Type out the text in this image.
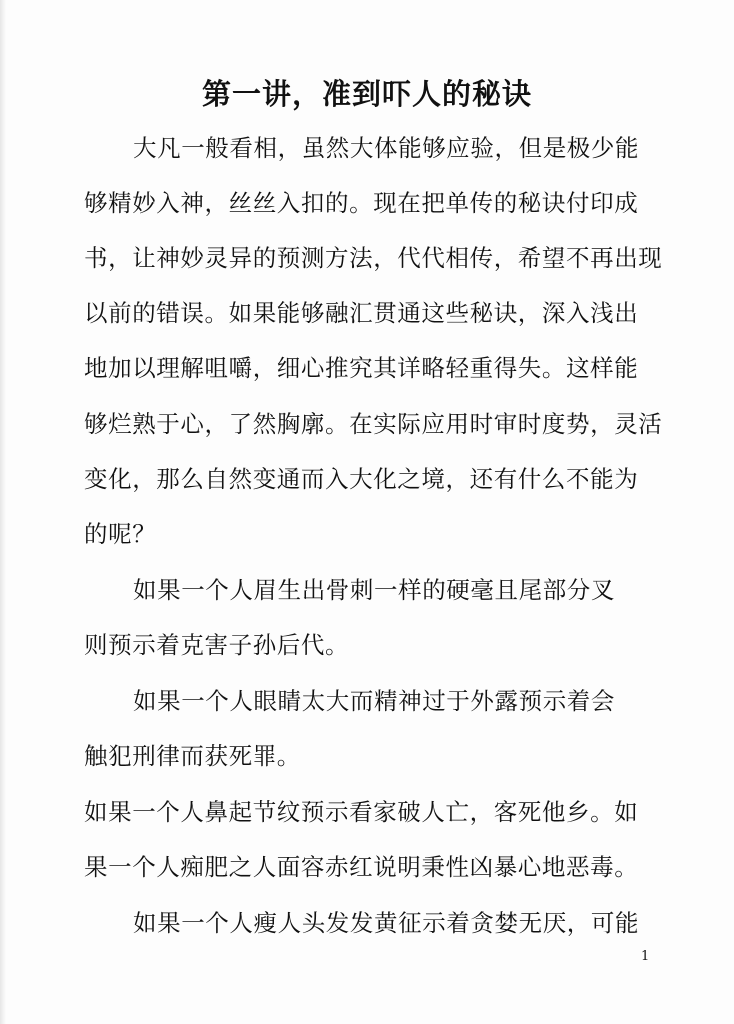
第一讲，准到吓人的秘诀
大凡一般看相，虽然大体能够应验，但是极少能
够精妙入神，丝丝入扣的。现在把单传的秘诀付印成
书，让神妙灵异的预测方法，代代相传，希望不再出现
以前的错误。如果能够融汇贯通这些秘诀，深入浅出
地加以理解咀嚼，细心推究其详略轻重得失。这样能
够烂熟于心，了然胸廓。在实际应用时审时度势，灵活
变化，那么自然变通而入大化之境，还有什么不能为
的呢？
如果一个人眉生出骨刺一样的硬毫且尾部分叉
则预示着克害子孙后代。
如果一个人眼睛太大而精神过于外露预示着会
触犯刑律而获死罪。
如果一个人鼻起节纹预示看家破人亡，客死他乡。如
果一个人痴肥之人面容赤红说明秉性凶暴心地恶毒。
如果一个人瘦人头发发黄征示着贪婪无厌，可能
1
